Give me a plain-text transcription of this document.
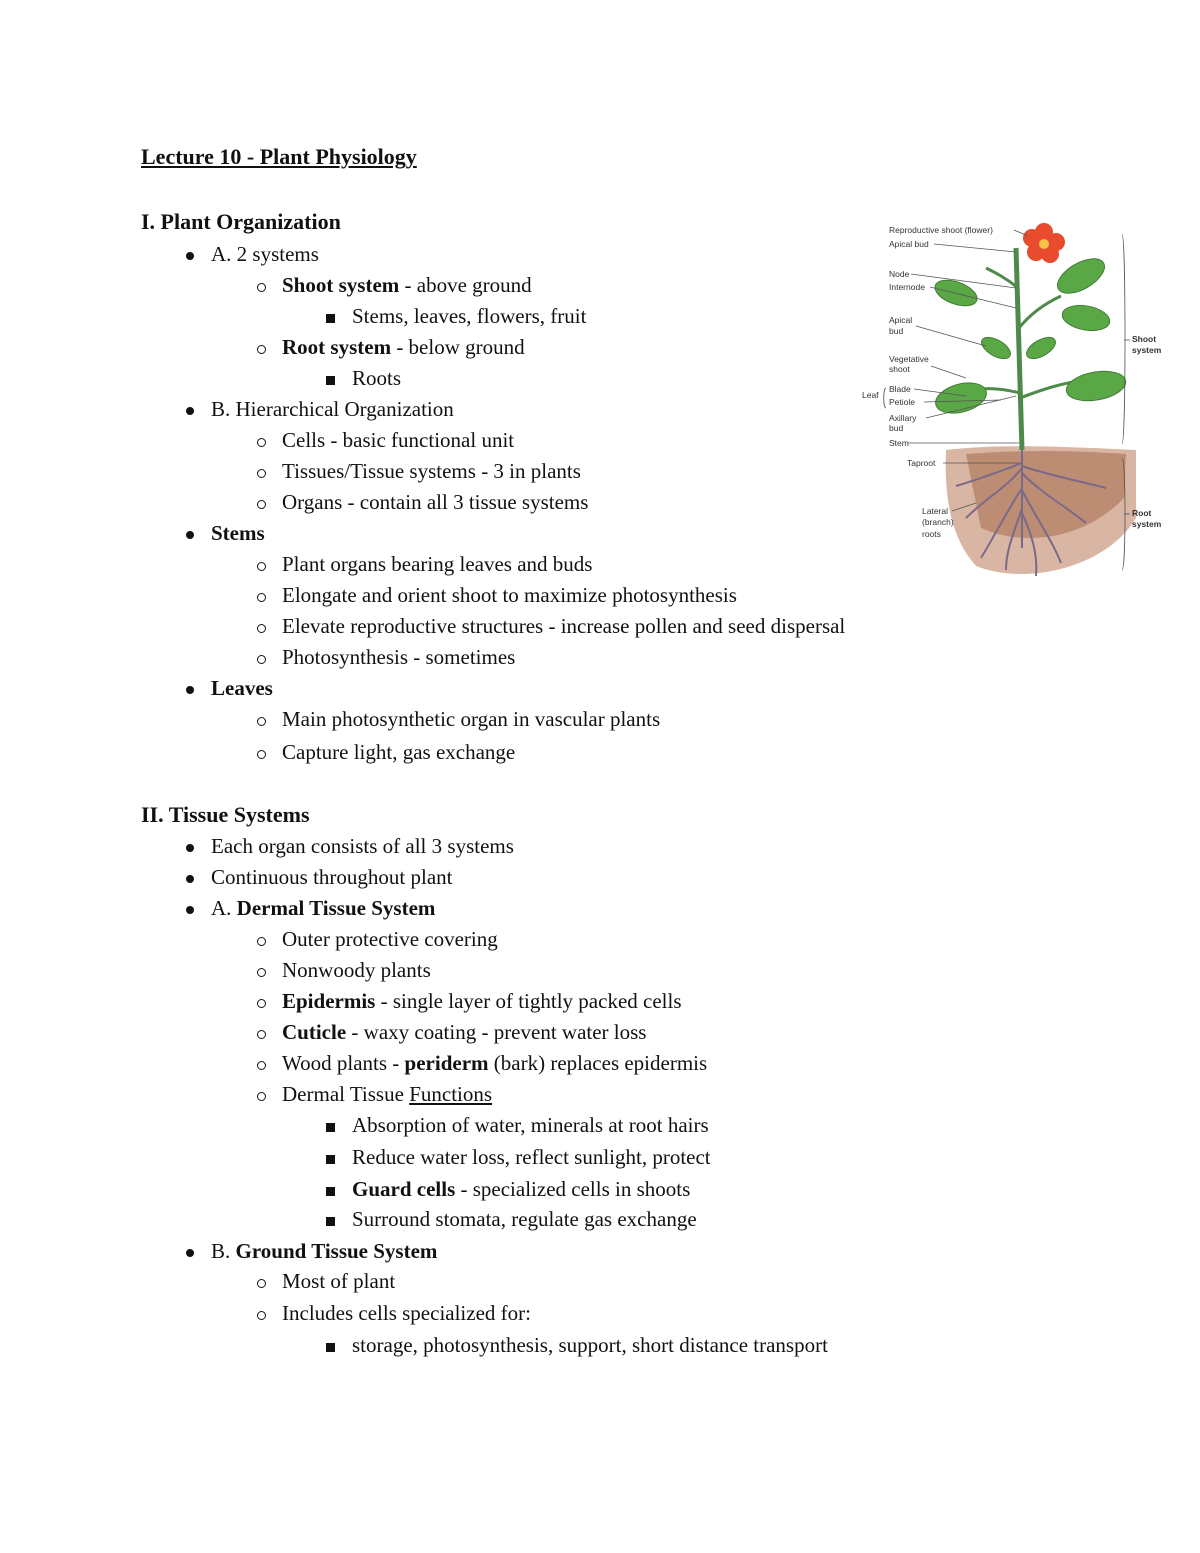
Lecture 10 - Plant Physiology
I. Plant Organization
A. 2 systems
Shoot system - above ground
Stems, leaves, flowers, fruit
Root system - below ground
Roots
B. Hierarchical Organization
Cells - basic functional unit
Tissues/Tissue systems - 3 in plants
Organs - contain all 3 tissue systems
Stems
Plant organs bearing leaves and buds
Elongate and orient shoot to maximize photosynthesis
Elevate reproductive structures - increase pollen and seed dispersal
Photosynthesis - sometimes
Leaves
Main photosynthetic organ in vascular plants
Capture light, gas exchange
II. Tissue Systems
Each organ consists of all 3 systems
Continuous throughout plant
A. Dermal Tissue System
Outer protective covering
Nonwoody plants
Epidermis - single layer of tightly packed cells
Cuticle - waxy coating - prevent water loss
Wood plants - periderm (bark) replaces epidermis
Dermal Tissue Functions
Absorption of water, minerals at root hairs
Reduce water loss, reflect sunlight, protect
Guard cells - specialized cells in shoots
Surround stomata, regulate gas exchange
B. Ground Tissue System
Most of plant
Includes cells specialized for:
storage, photosynthesis, support, short distance transport
Reproductive shoot (flower)
Apical bud
Node
Internode
Apical
bud
Vegetative
shoot
Leaf
Blade
Petiole
Axillary
bud
Stem
Taproot
Lateral
(branch)
roots
Shoot
system
Root
system
